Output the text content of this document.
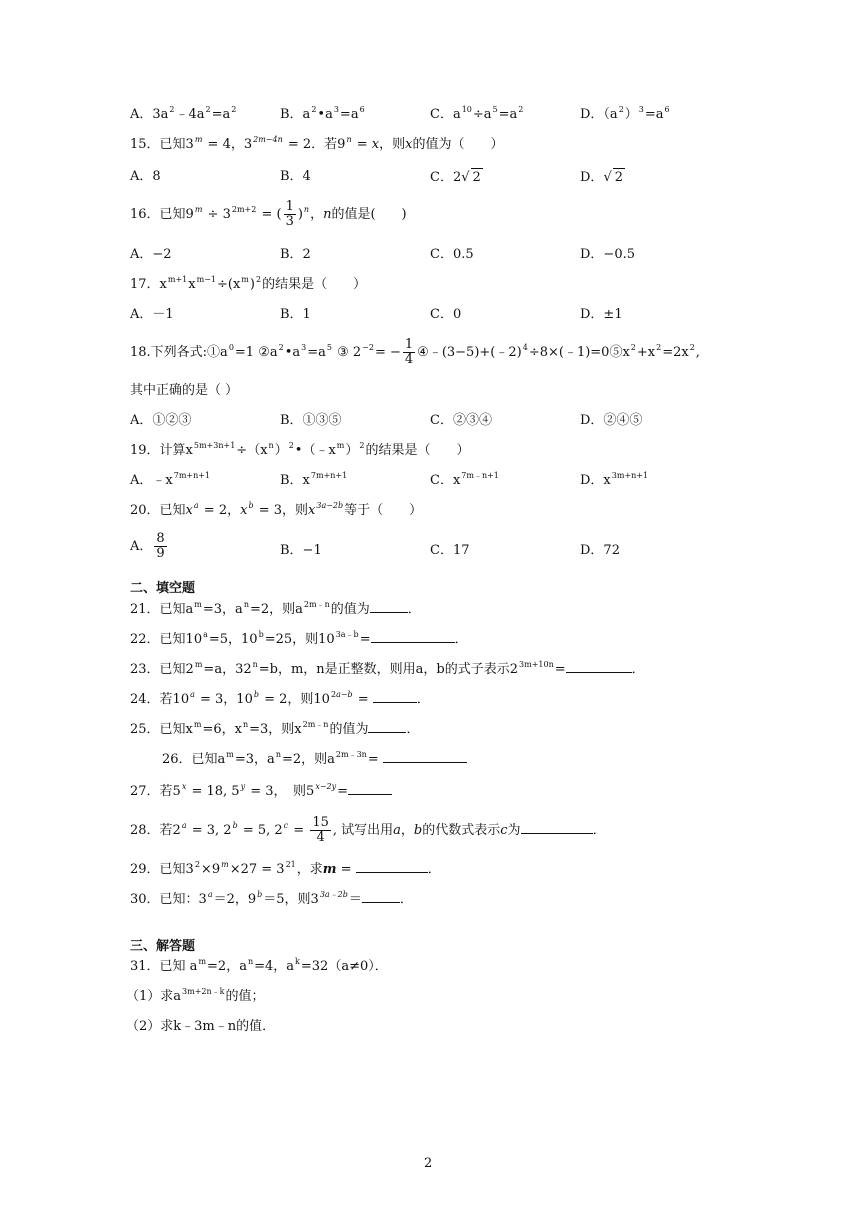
A．$3a^2﹣4a^2=a^2$	B．$a^2•a^3=a^6$	C．$a^{10}\div a^5=a^2$	D．$(a^2)^3=a^6$
15．已知$3^m = 4$，$3^{2m-4n} = 2$．若$9^n = x$，则x的值为（　　）
A．8	B．4	C．2√ 2	D．√ 2
16．已知$9^m \div 3^{2m+2}$ = ( $\frac{1}{3} )^n$，n的值是(　　)
A．−2	B．2	C．0.5	D．−0.5
17．$x^{m+1}x^{m-1}\div(x^m)^2$的结果是（　　）
A．－1	B．1	C．0	D．±1
18.下列各式$:①a^0=1$ $②a^2•a^3=a^5$ ③ $2^{-2}= - \frac{1}{4}$ $④﹣(3-5)+(﹣2)^4\div 8\times(﹣1)=0⑤x^2+x^2=2x^2$,
其中正确的是（ ）
A．①②③	B．①③⑤	C．②③④	D．②④⑤
19．计算$x^{5m+3n+1}\div(x^n)^2•(﹣x^m)^2$的结果是（　　）
A．$﹣x^{7m+n+1}$	B．$x^{7m+n+1}$	C．$x^{7m﹣n+1}$	D．$x^{3m+n+1}$
20．已知$x^a = 2$，$x^b = 3$，则$x^{3a-2b}$等于（　　）
A． $\frac{8}{9}$	B．−1	C．17	D．72
二、填空题
21．已知$a^m=3$，$a^n=2$，则$a^{2m﹣n}$的值为	．
22．已知$10^a=5$，$10^b=25$，则$10^{3a﹣b}=$	．
23．已知$2^m=a$，$32^n=b$，m，n是正整数，则用a，b的式子表示$2^{3m+10n}=$	．
24．若$10^a = 3$，$10^b = 2$，则$10^{2a-b}$ =	．
25．已知$x^m=6$，$x^n=3$，则$x^{2m﹣n}$的值为	．
26．已知$a^m=3$，$a^n=2$，则$a^{2m﹣3n}=$
27．若$5^x = 18$, $5^y = 3$，　则$5^{x-2y}=$
28．若$2^a = 3$, $2^b = 5$, $2^c = \frac{15}{4}$ , 试写出用a，b的代数式表示c为	．
29．已知$3^2\times 9^m\times 27 = 3^{21}$，求m =	．
30．已知：$3^a=2$，$9^b=5$，则$3^{3a﹣2b}=$	．
三、解答题
31．已知 $a^m=2$，$a^n=4$，$a^k=32(a\ne 0)$．
（1）求$a^{3m+2n﹣k}$的值；
（2）求k﹣3m﹣n的值．
2
